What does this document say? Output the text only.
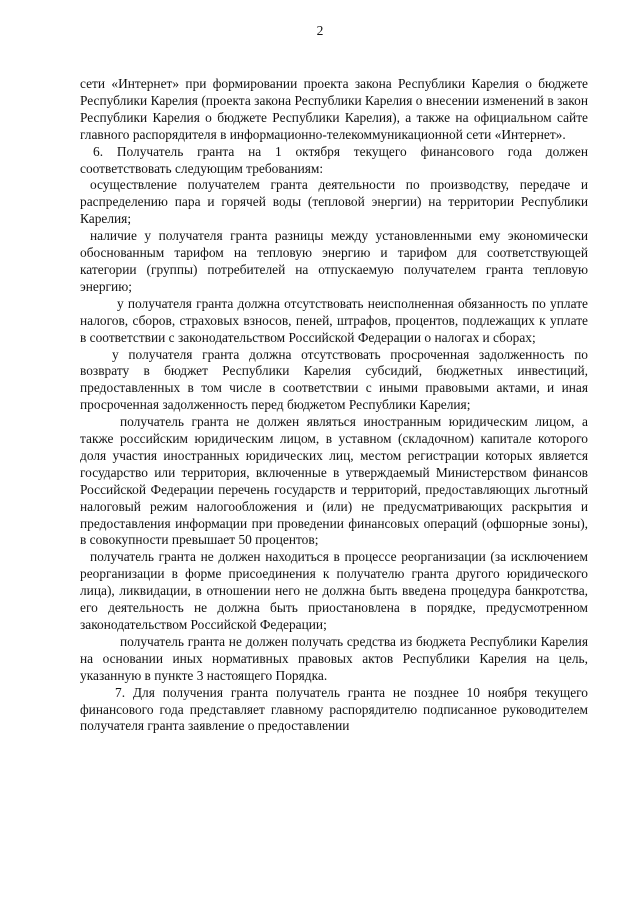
2

сети «Интернет» при формировании проекта закона Республики Карелия о бюджете Республики Карелия (проекта закона Республики Карелия о внесении изменений в закон Республики Карелия о бюджете Республики Карелия), а также на официальном сайте главного распорядителя в информационно-телекоммуникационной сети «Интернет».

6. Получатель гранта на 1 октября текущего финансового года должен соответствовать следующим требованиям:

осуществление получателем гранта деятельности по производству, передаче и распределению пара и горячей воды (тепловой энергии) на территории Республики Карелия;

наличие у получателя гранта разницы между установленными ему экономически обоснованным тарифом на тепловую энергию и тарифом для соответствующей категории (группы) потребителей на отпускаемую получателем гранта тепловую энергию;

у получателя гранта должна отсутствовать неисполненная обязанность по уплате налогов, сборов, страховых взносов, пеней, штрафов, процентов, подлежащих к уплате в соответствии с законодательством Российской Федерации о налогах и сборах;

у получателя гранта должна отсутствовать просроченная задолженность по возврату в бюджет Республики Карелия субсидий, бюджетных инвестиций, предоставленных в том числе в соответствии с иными правовыми актами, и иная просроченная задолженность перед бюджетом Республики Карелия;

получатель гранта не должен являться иностранным юридическим лицом, а также российским юридическим лицом, в уставном (складочном) капитале которого доля участия иностранных юридических лиц, местом регистрации которых является государство или территория, включенные в утверждаемый Министерством финансов Российской Федерации перечень государств и территорий, предоставляющих льготный налоговый режим налогообложения и (или) не предусматривающих раскрытия и предоставления информации при проведении финансовых операций (офшорные зоны), в совокупности превышает 50 процентов;

получатель гранта не должен находиться в процессе реорганизации (за исключением реорганизации в форме присоединения к получателю гранта другого юридического лица), ликвидации, в отношении него не должна быть введена процедура банкротства, его деятельность не должна быть приостановлена в порядке, предусмотренном законодательством Российской Федерации;

получатель гранта не должен получать средства из бюджета Республики Карелия на основании иных нормативных правовых актов Республики Карелия на цель, указанную в пункте 3 настоящего Порядка.

7. Для получения гранта получатель гранта не позднее 10 ноября текущего финансового года представляет главному распорядителю подписанное руководителем получателя гранта заявление о предоставлении
